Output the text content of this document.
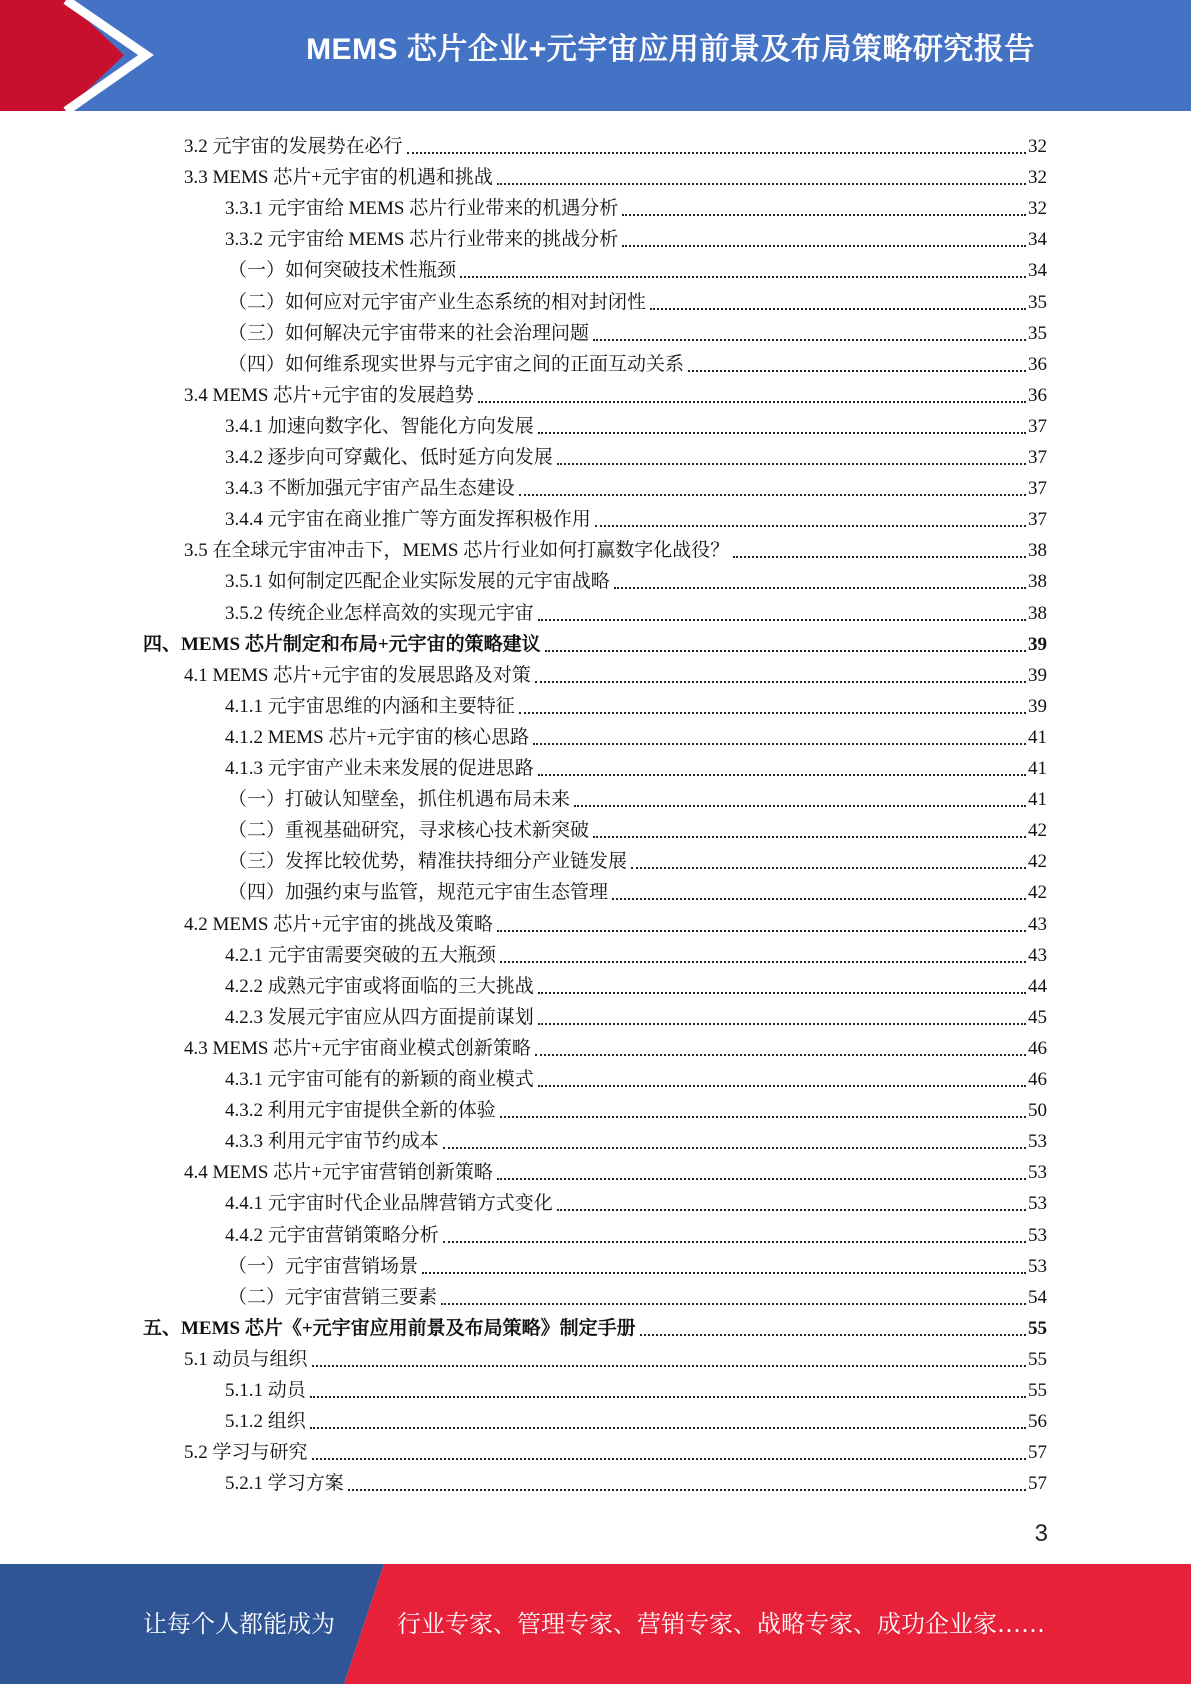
MEMS 芯片企业+元宇宙应用前景及布局策略研究报告
3.2 元宇宙的发展势在必行	32
3.3 MEMS 芯片+元宇宙的机遇和挑战	32
3.3.1 元宇宙给 MEMS 芯片行业带来的机遇分析	32
3.3.2 元宇宙给 MEMS 芯片行业带来的挑战分析	34
（一）如何突破技术性瓶颈	34
（二）如何应对元宇宙产业生态系统的相对封闭性	35
（三）如何解决元宇宙带来的社会治理问题	35
（四）如何维系现实世界与元宇宙之间的正面互动关系	36
3.4 MEMS 芯片+元宇宙的发展趋势	36
3.4.1 加速向数字化、智能化方向发展	37
3.4.2 逐步向可穿戴化、低时延方向发展	37
3.4.3 不断加强元宇宙产品生态建设	37
3.4.4 元宇宙在商业推广等方面发挥积极作用	37
3.5 在全球元宇宙冲击下，MEMS 芯片行业如何打赢数字化战役？	38
3.5.1 如何制定匹配企业实际发展的元宇宙战略	38
3.5.2 传统企业怎样高效的实现元宇宙	38
四、MEMS 芯片制定和布局+元宇宙的策略建议	39
4.1 MEMS 芯片+元宇宙的发展思路及对策	39
4.1.1 元宇宙思维的内涵和主要特征	39
4.1.2 MEMS 芯片+元宇宙的核心思路	41
4.1.3 元宇宙产业未来发展的促进思路	41
（一）打破认知壁垒，抓住机遇布局未来	41
（二）重视基础研究，寻求核心技术新突破	42
（三）发挥比较优势，精准扶持细分产业链发展	42
（四）加强约束与监管，规范元宇宙生态管理	42
4.2 MEMS 芯片+元宇宙的挑战及策略	43
4.2.1 元宇宙需要突破的五大瓶颈	43
4.2.2 成熟元宇宙或将面临的三大挑战	44
4.2.3 发展元宇宙应从四方面提前谋划	45
4.3 MEMS 芯片+元宇宙商业模式创新策略	46
4.3.1 元宇宙可能有的新颖的商业模式	46
4.3.2 利用元宇宙提供全新的体验	50
4.3.3 利用元宇宙节约成本	53
4.4 MEMS 芯片+元宇宙营销创新策略	53
4.4.1 元宇宙时代企业品牌营销方式变化	53
4.4.2 元宇宙营销策略分析	53
（一）元宇宙营销场景	53
（二）元宇宙营销三要素	54
五、MEMS 芯片《+元宇宙应用前景及布局策略》制定手册	55
5.1 动员与组织	55
5.1.1 动员	55
5.1.2 组织	56
5.2 学习与研究	57
5.2.1 学习方案	57
3
让每个人都能成为	行业专家、管理专家、营销专家、战略专家、成功企业家……
